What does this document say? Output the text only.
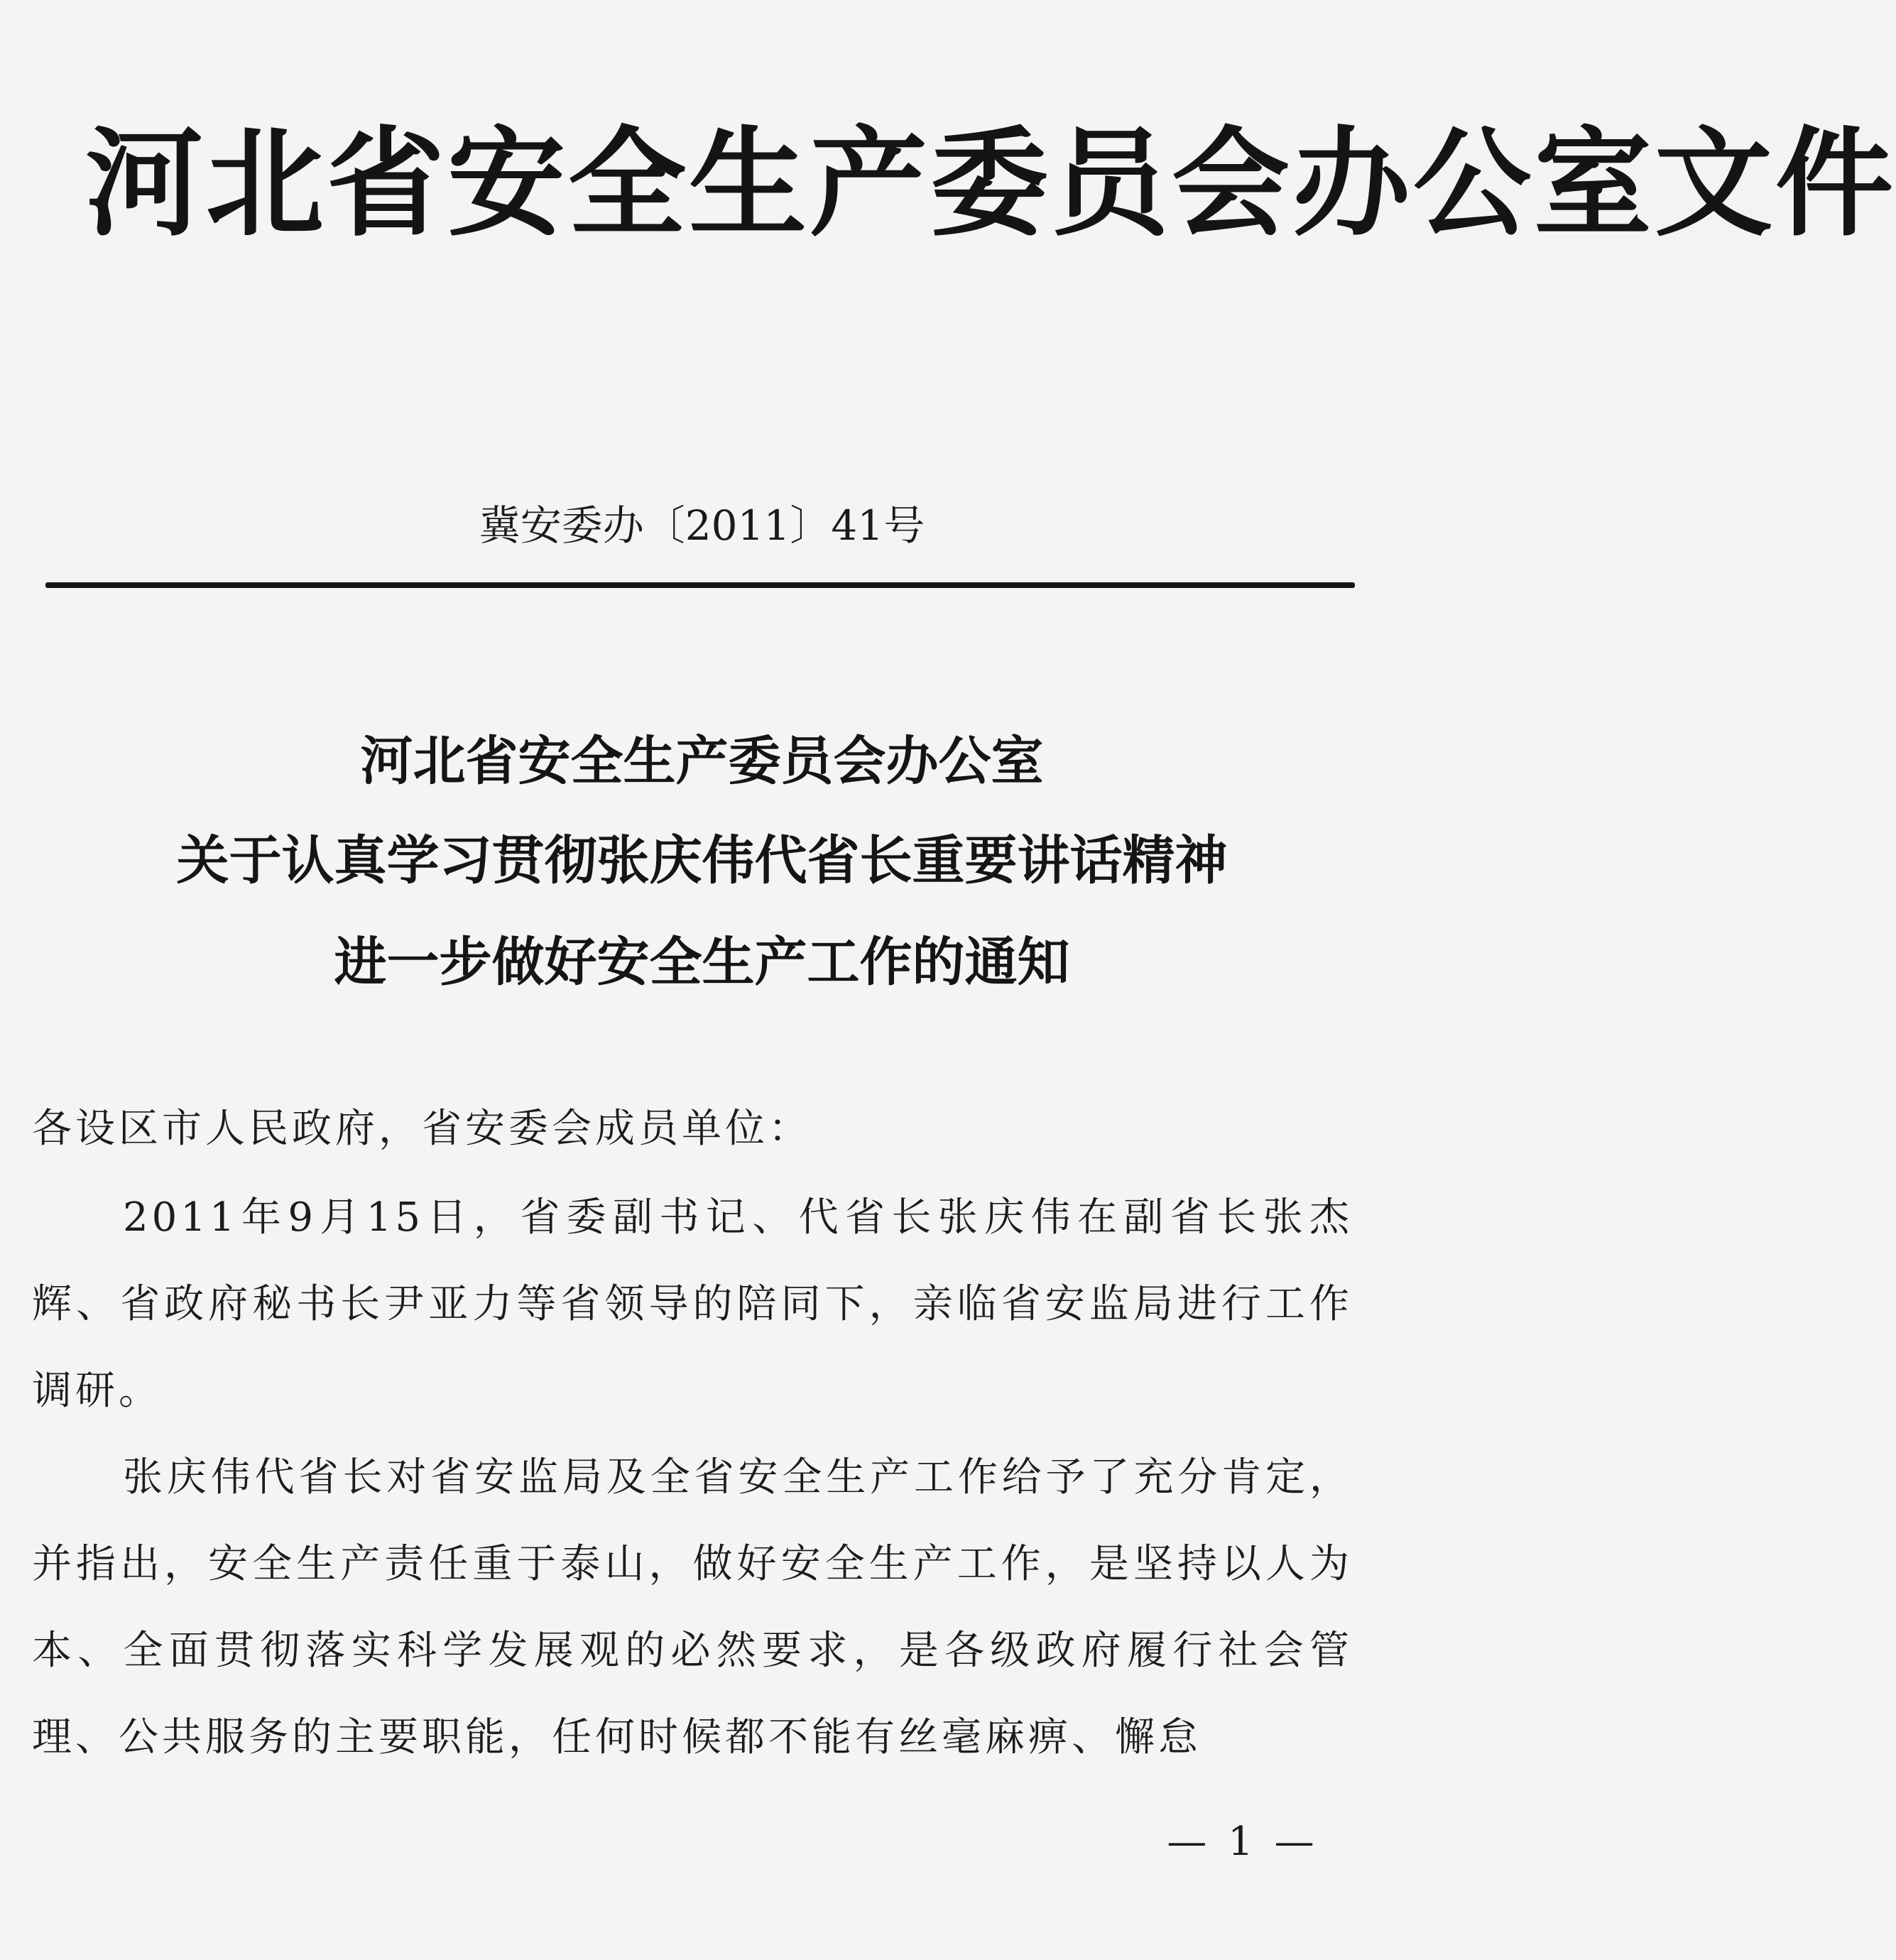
河北省安全生产委员会办公室文件
冀安委办〔2011〕41号
河北省安全生产委员会办公室
关于认真学习贯彻张庆伟代省长重要讲话精神
进一步做好安全生产工作的通知

各设区市人民政府，省安委会成员单位：

2011年9月15日，省委副书记、代省长张庆伟在副省长张杰辉、省政府秘书长尹亚力等省领导的陪同下，亲临省安监局进行工作调研。

张庆伟代省长对省安监局及全省安全生产工作给予了充分肯定，并指出，安全生产责任重于泰山，做好安全生产工作，是坚持以人为本、全面贯彻落实科学发展观的必然要求，是各级政府履行社会管理、公共服务的主要职能，任何时候都不能有丝毫麻痹、懈怠

— 1 —
